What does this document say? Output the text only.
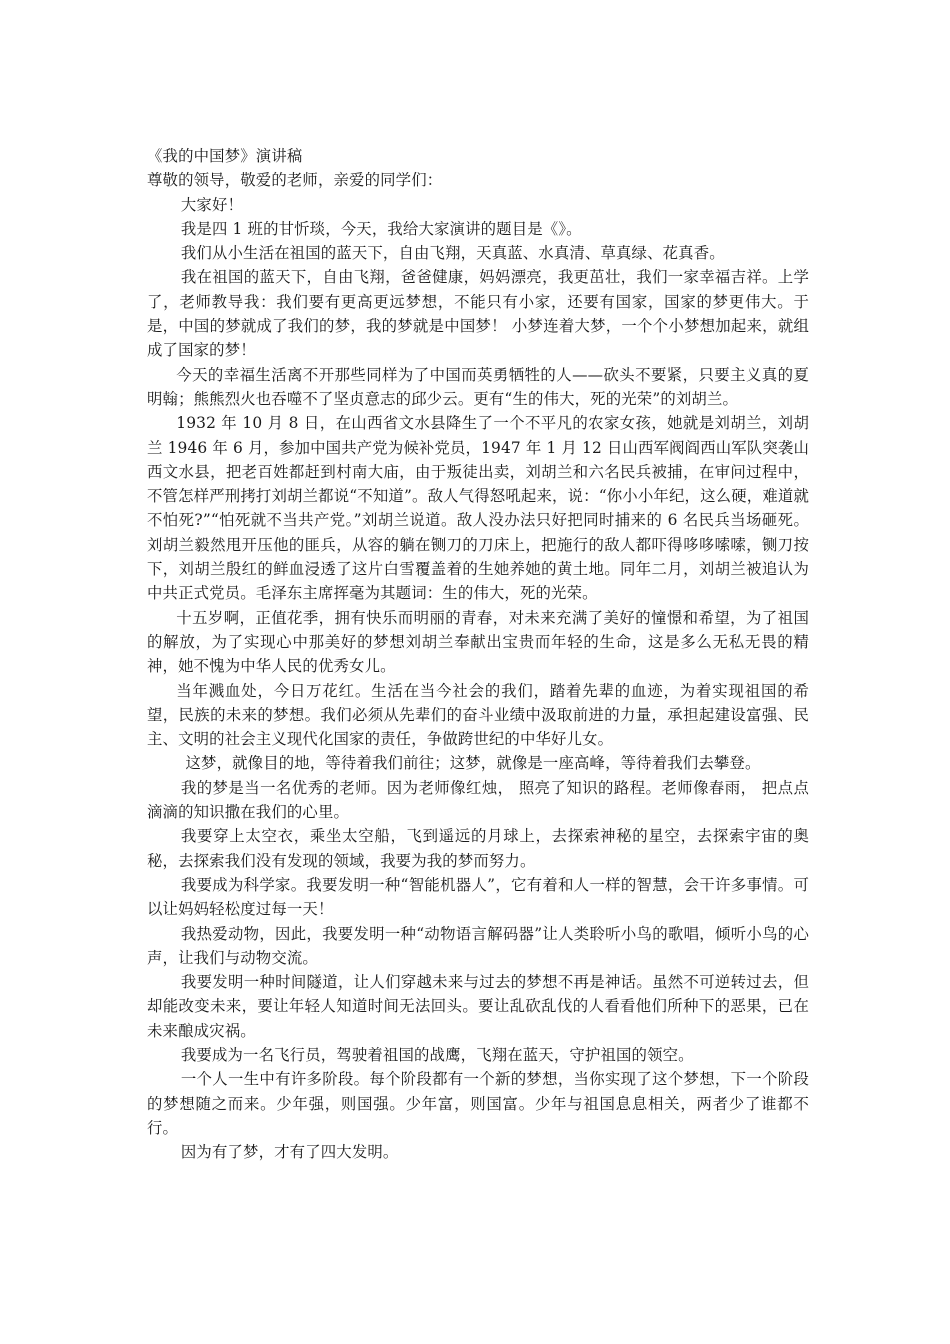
《我的中国梦》演讲稿

尊敬的领导，敬爱的老师，亲爱的同学们：

大家好！

我是四 1 班的甘忻琰，今天，我给大家演讲的题目是《》。

我们从小生活在祖国的蓝天下，自由飞翔，天真蓝、水真清、草真绿、花真香。

我在祖国的蓝天下，自由飞翔，爸爸健康，妈妈漂亮，我更茁壮，我们一家幸福吉祥。上学了，老师教导我：我们要有更高更远梦想，不能只有小家，还要有国家，国家的梦更伟大。于是，中国的梦就成了我们的梦，我的梦就是中国梦！ 小梦连着大梦，一个个小梦想加起来，就组成了国家的梦！

今天的幸福生活离不开那些同样为了中国而英勇牺牲的人——砍头不要紧，只要主义真的夏明翰；熊熊烈火也吞噬不了坚贞意志的邱少云。更有“生的伟大，死的光荣”的刘胡兰。

1932 年 10 月 8 日，在山西省文水县降生了一个不平凡的农家女孩，她就是刘胡兰，刘胡兰 1946 年 6 月，参加中国共产党为候补党员，1947 年 1 月 12 日山西军阀阎西山军队突袭山西文水县，把老百姓都赶到村南大庙，由于叛徒出卖，刘胡兰和六名民兵被捕，在审问过程中，不管怎样严刑拷打刘胡兰都说“不知道”。敌人气得怒吼起来，说：“你小小年纪，这么硬，难道就不怕死?”“怕死就不当共产党。”刘胡兰说道。敌人没办法只好把同时捕来的 6 名民兵当场砸死。刘胡兰毅然甩开压他的匪兵，从容的躺在铡刀的刀床上，把施行的敌人都吓得哆哆嗦嗦，铡刀按下，刘胡兰殷红的鲜血浸透了这片白雪覆盖着的生她养她的黄土地。同年二月，刘胡兰被追认为中共正式党员。毛泽东主席挥毫为其题词：生的伟大，死的光荣。

十五岁啊，正值花季，拥有快乐而明丽的青春，对未来充满了美好的憧憬和希望，为了祖国的解放，为了实现心中那美好的梦想刘胡兰奉献出宝贵而年轻的生命，这是多么无私无畏的精神，她不愧为中华人民的优秀女儿。

当年溅血处，今日万花红。生活在当今社会的我们，踏着先辈的血迹，为着实现祖国的希望，民族的未来的梦想。我们必须从先辈们的奋斗业绩中汲取前进的力量，承担起建设富强、民主、文明的社会主义现代化国家的责任，争做跨世纪的中华好儿女。

这梦，就像目的地，等待着我们前往；这梦，就像是一座高峰，等待着我们去攀登。

我的梦是当一名优秀的老师。因为老师像红烛， 照亮了知识的路程。老师像春雨， 把点点滴滴的知识撒在我们的心里。

我要穿上太空衣，乘坐太空船，飞到遥远的月球上，去探索神秘的星空，去探索宇宙的奥秘，去探索我们没有发现的领域，我要为我的梦而努力。

我要成为科学家。我要发明一种“智能机器人”，它有着和人一样的智慧，会干许多事情。可以让妈妈轻松度过每一天！

我热爱动物，因此，我要发明一种“动物语言解码器”让人类聆听小鸟的歌唱，倾听小鸟的心声，让我们与动物交流。

我要发明一种时间隧道，让人们穿越未来与过去的梦想不再是神话。虽然不可逆转过去，但却能改变未来，要让年轻人知道时间无法回头。要让乱砍乱伐的人看看他们所种下的恶果，已在未来酿成灾祸。

我要成为一名飞行员，驾驶着祖国的战鹰，飞翔在蓝天，守护祖国的领空。

一个人一生中有许多阶段。每个阶段都有一个新的梦想，当你实现了这个梦想，下一个阶段的梦想随之而来。少年强，则国强。少年富，则国富。少年与祖国息息相关，两者少了谁都不行。

因为有了梦，才有了四大发明。
